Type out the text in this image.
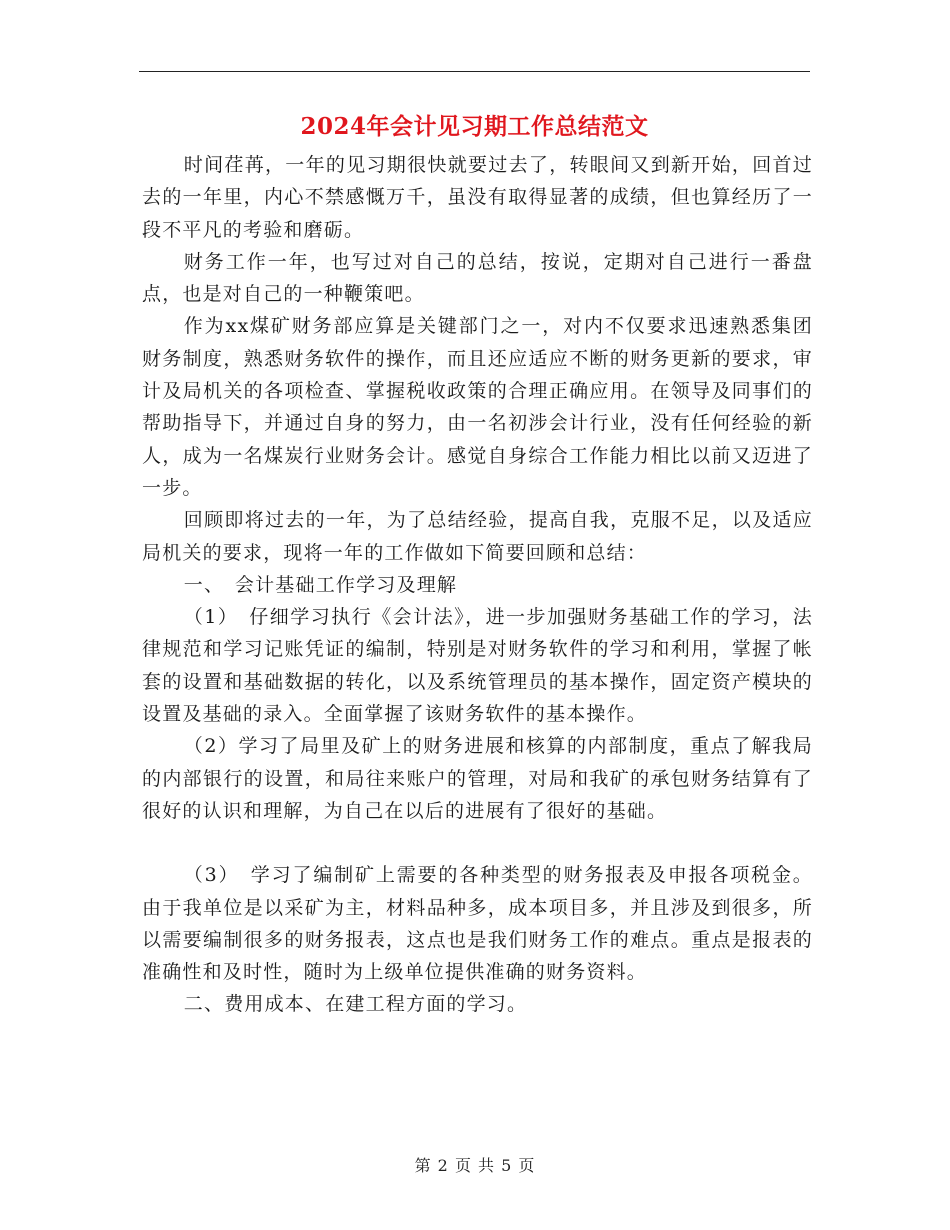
2024年会计见习期工作总结范文

时间荏苒，一年的见习期很快就要过去了，转眼间又到新开始，回首过去的一年里，内心不禁感慨万千，虽没有取得显著的成绩，但也算经历了一段不平凡的考验和磨砺。

财务工作一年，也写过对自己的总结，按说，定期对自己进行一番盘点，也是对自己的一种鞭策吧。

作为xx煤矿财务部应算是关键部门之一，对内不仅要求迅速熟悉集团财务制度，熟悉财务软件的操作，而且还应适应不断的财务更新的要求，审计及局机关的各项检查、掌握税收政策的合理正确应用。在领导及同事们的帮助指导下，并通过自身的努力，由一名初涉会计行业，没有任何经验的新人，成为一名煤炭行业财务会计。感觉自身综合工作能力相比以前又迈进了一步。

回顾即将过去的一年，为了总结经验，提高自我，克服不足，以及适应局机关的要求，现将一年的工作做如下简要回顾和总结：

一、　会计基础工作学习及理解

（1）　仔细学习执行《会计法》，进一步加强财务基础工作的学习，法律规范和学习记账凭证的编制，特别是对财务软件的学习和利用，掌握了帐套的设置和基础数据的转化，以及系统管理员的基本操作，固定资产模块的设置及基础的录入。全面掌握了该财务软件的基本操作。

（2）学习了局里及矿上的财务进展和核算的内部制度，重点了解我局的内部银行的设置，和局往来账户的管理，对局和我矿的承包财务结算有了很好的认识和理解，为自己在以后的进展有了很好的基础。

（3）　学习了编制矿上需要的各种类型的财务报表及申报各项税金。由于我单位是以采矿为主，材料品种多，成本项目多，并且涉及到很多，所以需要编制很多的财务报表，这点也是我们财务工作的难点。重点是报表的准确性和及时性，随时为上级单位提供准确的财务资料。

二、费用成本、在建工程方面的学习。

第 2 页 共 5 页
